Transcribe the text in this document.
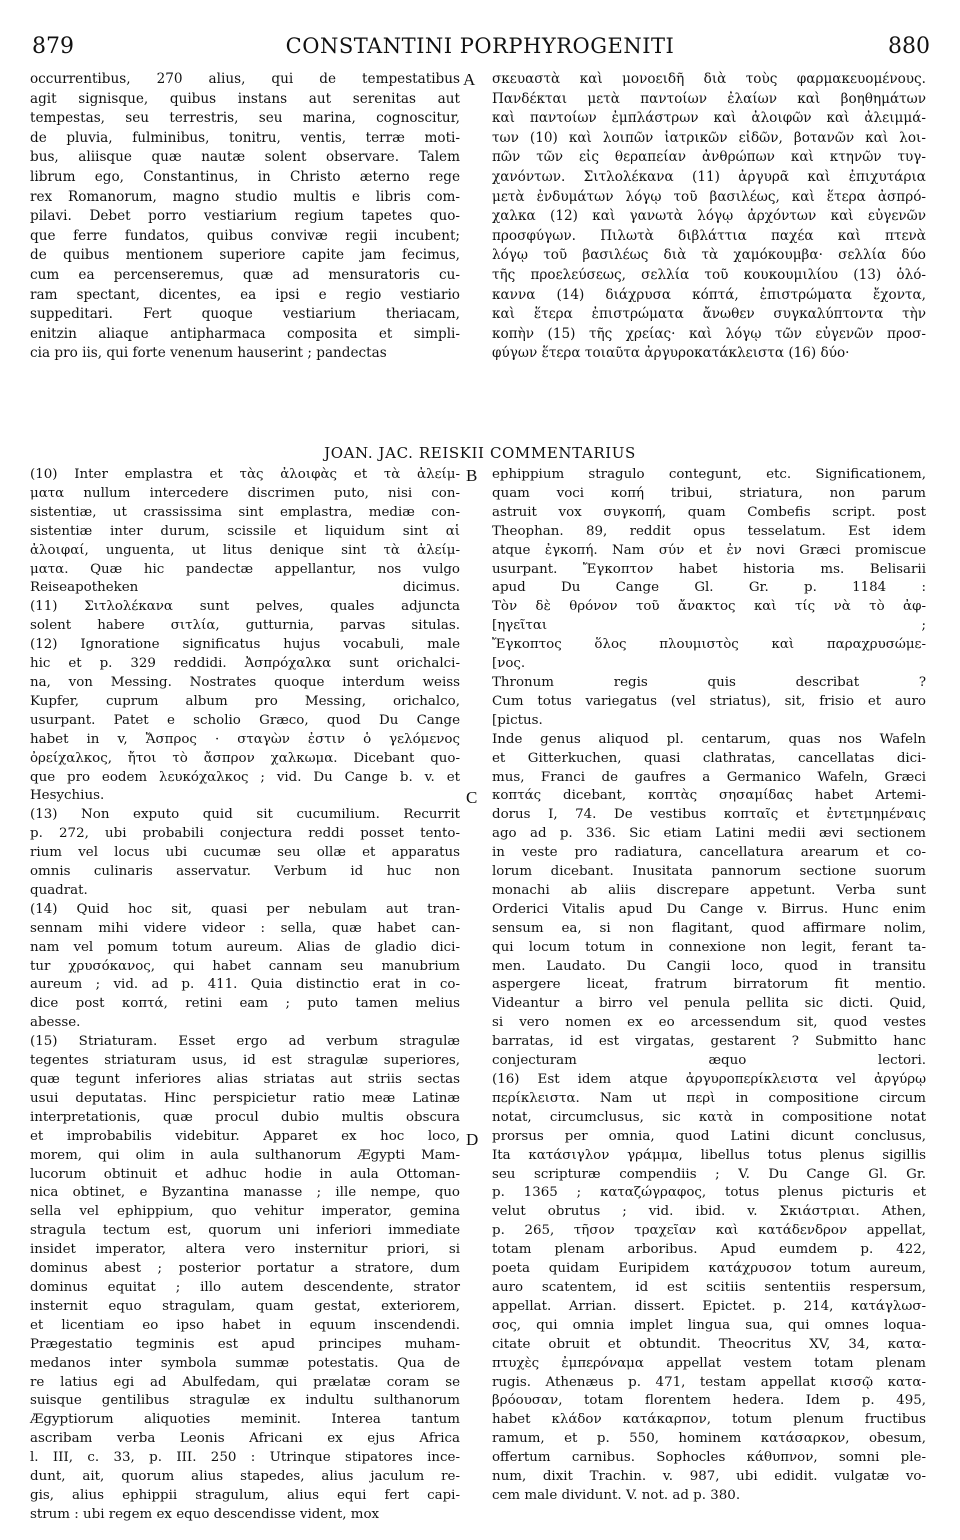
879	CONSTANTINI PORPHYROGENITI	880
A
B
C
D
occurrentibus, 270 alius, qui de tempestatibus
agit signisque, quibus instans aut serenitas aut
tempestas, seu terrestris, seu marina, cognoscitur,
de pluvia, fulminibus, tonitru, ventis, terræ moti-
bus, aliisque quæ nautæ solent observare. Talem
librum ego, Constantinus, in Christo æterno rege
rex Romanorum, magno studio multis e libris com-
pilavi. Debet porro vestiarium regium tapetes quo-
que ferre fundatos, quibus convivæ regii incubent;
de quibus mentionem superiore capite jam fecimus,
cum ea percenseremus, quæ ad mensuratoris cu-
ram spectant, dicentes, ea ipsi e regio vestiario
suppeditari. Fert quoque vestiarium theriacam,
enitzin aliaque antipharmaca composita et simpli-
cia pro iis, qui forte venenum hauserint ; pandectas
σκευαστὰ καὶ μονοειδῆ διὰ τοὺς φαρμακευομένους.
Πανδέκται μετὰ παντοίων ἐλαίων καὶ βοηθημάτων
καὶ παντοίων ἐμπλάστρων καὶ ἀλοιφῶν καὶ ἀλειμμά-
των (10) καὶ λοιπῶν ἰατρικῶν εἰδῶν, βοτανῶν καὶ λοι-
πῶν τῶν εἰς θεραπείαν ἀνθρώπων καὶ κτηνῶν τυγ-
χανόντων. Σιτλολέκανα (11) ἀργυρᾶ καὶ ἐπιχυτάρια
μετὰ ἐνδυμάτων λόγῳ τοῦ βασιλέως, καὶ ἕτερα ἀσπρό-
χαλκα (12) καὶ γανωτὰ λόγῳ ἀρχόντων καὶ εὐγενῶν
προσφύγων. Πιλωτὰ διβλάττια παχέα καὶ πτενὰ
λόγῳ τοῦ βασιλέως διὰ τὰ χαμόκουμβα· σελλία δύο
τῆς προελεύσεως, σελλία τοῦ κουκουμιλίου (13) ὁλό-
καννα (14) διάχρυσα κόπτά, ἐπιστρώματα ἔχοντα,
καὶ ἕτερα ἐπιστρώματα ἄνωθεν συγκαλύπτοντα τὴν
κοπὴν (15) τῆς χρείας· καὶ λόγῳ τῶν εὐγενῶν προσ-
φύγων ἕτερα τοιαῦτα ἀργυροκατάκλειστα (16) δύο·
JOAN. JAC. REISKII COMMENTARIUS
(10) Inter emplastra et τὰς ἀλοιφὰς et τὰ ἀλείμ-
ματα nullum intercedere discrimen puto, nisi con-
sistentiæ, ut crassissima sint emplastra, mediæ con-
sistentiæ inter durum, scissile et liquidum sint αἱ
ἀλοιφαί, unguenta, ut litus denique sint τὰ ἀλείμ-
ματα. Quæ hic pandectæ appellantur, nos vulgo
Reiseapotheken dicimus.
(11) Σιτλολέκανα sunt pelves, quales adjuncta
solent habere σιτλία, gutturnia, parvas situlas.
(12) Ignoratione significatus hujus vocabuli, male
hic et p. 329 reddidi. Ἀσπρόχαλκα sunt orichalci-
na, von Messing. Nostrates quoque interdum weiss
Kupfer, cuprum album pro Messing, orichalco,
usurpant. Patet e scholio Græco, quod Du Cange
habet in v, Ἄσπρος · σταγὼν ἐστιν ὁ γελόμενος
ὀρείχαλκος, ἤτοι τὸ ἄσπρον χαλκωμα. Dicebant quo-
que pro eodem λευκόχαλκος ; vid. Du Cange b. v. et
Hesychius.
(13) Non exputo quid sit cucumilium. Recurrit
p. 272, ubi probabili conjectura reddi posset tento-
rium vel locus ubi cucumæ seu ollæ et apparatus
omnis culinaris asservatur. Verbum id huc non
quadrat.
(14) Quid hoc sit, quasi per nebulam aut tran-
sennam mihi videre videor : sella, quæ habet can-
nam vel pomum totum aureum. Alias de gladio dici-
tur χρυσόκανος, qui habet cannam seu manubrium
aureum ; vid. ad p. 411. Quia distinctio erat in co-
dice post κοπτά, retini eam ; puto tamen melius
abesse.
(15) Striaturam. Esset ergo ad verbum stragulæ
tegentes striaturam usus, id est stragulæ superiores,
quæ tegunt inferiores alias striatas aut striis sectas
usui deputatas. Hinc perspicietur ratio meæ Latinæ
interpretationis, quæ procul dubio multis obscura
et improbabilis videbitur. Apparet ex hoc loco,
morem, qui olim in aula sulthanorum Ægypti Mam-
lucorum obtinuit et adhuc hodie in aula Ottoman-
nica obtinet, e Byzantina manasse ; ille nempe, quo
sella vel ephippium, quo vehitur imperator, gemina
stragula tectum est, quorum uni inferiori immediate
insidet imperator, altera vero insternitur priori, si
dominus abest ; posterior portatur a stratore, dum
dominus equitat ; illo autem descendente, strator
insternit equo stragulam, quam gestat, exteriorem,
et licentiam eo ipso habet in equum inscendendi.
Prægestatio tegminis est apud principes muham-
medanos inter symbola summæ potestatis. Qua de
re latius egi ad Abulfedam, qui prælatæ coram se
suisque gentilibus stragulæ ex indultu sulthanorum
Ægyptiorum aliquoties meminit. Interea tantum
ascribam verba Leonis Africani ex ejus Africa
l. III, c. 33, p. III. 250 : Utrinque stipatores ince-
dunt, ait, quorum alius stapedes, alius jaculum re-
gis, alius ephippii stragulum, alius equi fert capi-
strum : ubi regem ex equo descendisse vident, mox
ephippium stragulo contegunt, etc. Significationem,
quam voci κοπή tribui, striatura, non parum
astruit vox συγκοπή, quam Combefis script. post
Theophan. 89, reddit opus tesselatum. Est idem
atque ἐγκοπή. Nam σύν et ἐν novi Græci promiscue
usurpant. Ἔγκοπτον habet historia ms. Belisarii
apud Du Cange Gl. Gr. p. 1184 :
Τὸν δὲ θρόνον τοῦ ἄνακτος καὶ τίς νὰ τὸ ἀφ-
[ηγεῖται ;
Ἔγκοπτος ὅλος πλουμιστὸς καὶ παραχρυσώμε-
[νος.
Thronum regis quis describat ?
Cum totus variegatus (vel striatus), sit, frisio et auro
[pictus.
Inde genus aliquod pl. centarum, quas nos Wafeln
et Gitterkuchen, quasi clathratas, cancellatas dici-
mus, Franci de gaufres a Germanico Wafeln, Græci
κοπτάς dicebant, κοπτὰς σησαμίδας habet Artemi-
dorus I, 74. De vestibus κοπταῖς et ἐντετμημέναις
ago ad p. 336. Sic etiam Latini medii ævi sectionem
in veste pro radiatura, cancellatura arearum et co-
lorum dicebant. Inusitata pannorum sectione suorum
monachi ab aliis discrepare appetunt. Verba sunt
Orderici Vitalis apud Du Cange v. Birrus. Hunc enim
sensum ea, si non flagitant, quod affirmare nolim,
qui locum totum in connexione non legit, ferant ta-
men. Laudato. Du Cangii loco, quod in transitu
aspergere liceat, fratrum birratorum fit mentio.
Videantur a birro vel penula pellita sic dicti. Quid,
si vero nomen ex eo arcessendum sit, quod vestes
barratas, id est virgatas, gestarent ? Submitto hanc
conjecturam æquo lectori.
(16) Est idem atque ἀργυροπερίκλειστα vel ἀργύρῳ
περίκλειστα. Nam ut περὶ in compositione circum
notat, circumclusus, sic κατὰ in compositione notat
prorsus per omnia, quod Latini dicunt conclusus,
Ita κατάσιγλον γράμμα, libellus totus plenus sigillis
seu scripturæ compendiis ; V. Du Cange Gl. Gr.
p. 1365 ; καταζώγραφος, totus plenus picturis et
velut obrutus ; vid. ibid. v. Σκιάστριαι. Athen,
p. 265, τῆσον τραχεῖαν καὶ κατάδενδρον appellat,
totam plenam arboribus. Apud eumdem p. 422,
poeta quidam Euripidem κατάχρυσον totum aureum,
auro scatentem, id est scitiis sententiis respersum,
appellat. Arrian. dissert. Epictet. p. 214, κατάγλωσ-
σος, qui omnia implet lingua sua, qui omnes loqua-
citate obruit et obtundit. Theocritus XV, 34, κατα-
πτυχὲς ἐμπερόναμα appellat vestem totam plenam
rugis. Athenæus p. 471, testam appellat κισσῷ κατα-
βρόουσαν, totam florentem hedera. Idem p. 495,
habet κλάδον κατάκαρπον, totum plenum fructibus
ramum, et p. 550, hominem κατάσαρκον, obesum,
offertum carnibus. Sophocles κάθυπνον, somni ple-
num, dixit Trachin. v. 987, ubi edidit. vulgatæ vo-
cem male dividunt. V. not. ad p. 380.
